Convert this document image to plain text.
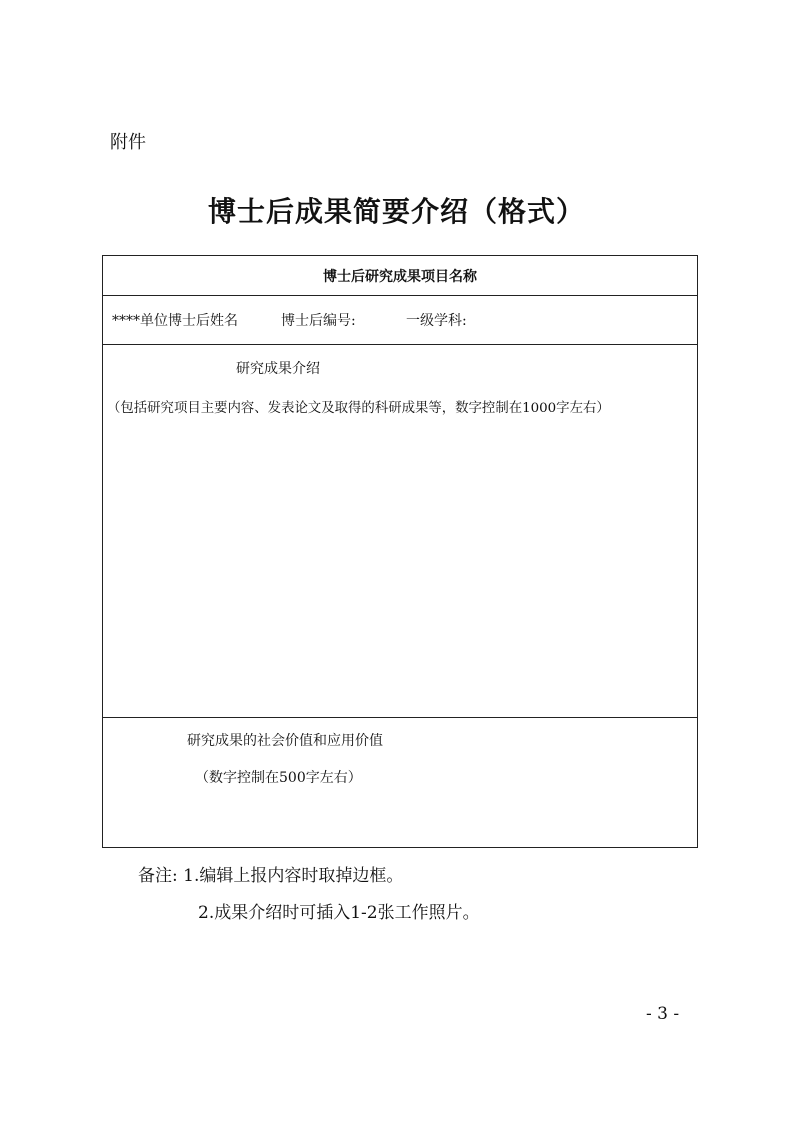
附件
博士后成果简要介绍（格式）
博士后研究成果项目名称
****单位博士后姓名	博士后编号:	一级学科:
研究成果介绍
（包括研究项目主要内容、发表论文及取得的科研成果等，数字控制在1000字左右）
研究成果的社会价值和应用价值
（数字控制在500字左右）
备注: 1.编辑上报内容时取掉边框。
2.成果介绍时可插入1-2张工作照片。
- 3 -
